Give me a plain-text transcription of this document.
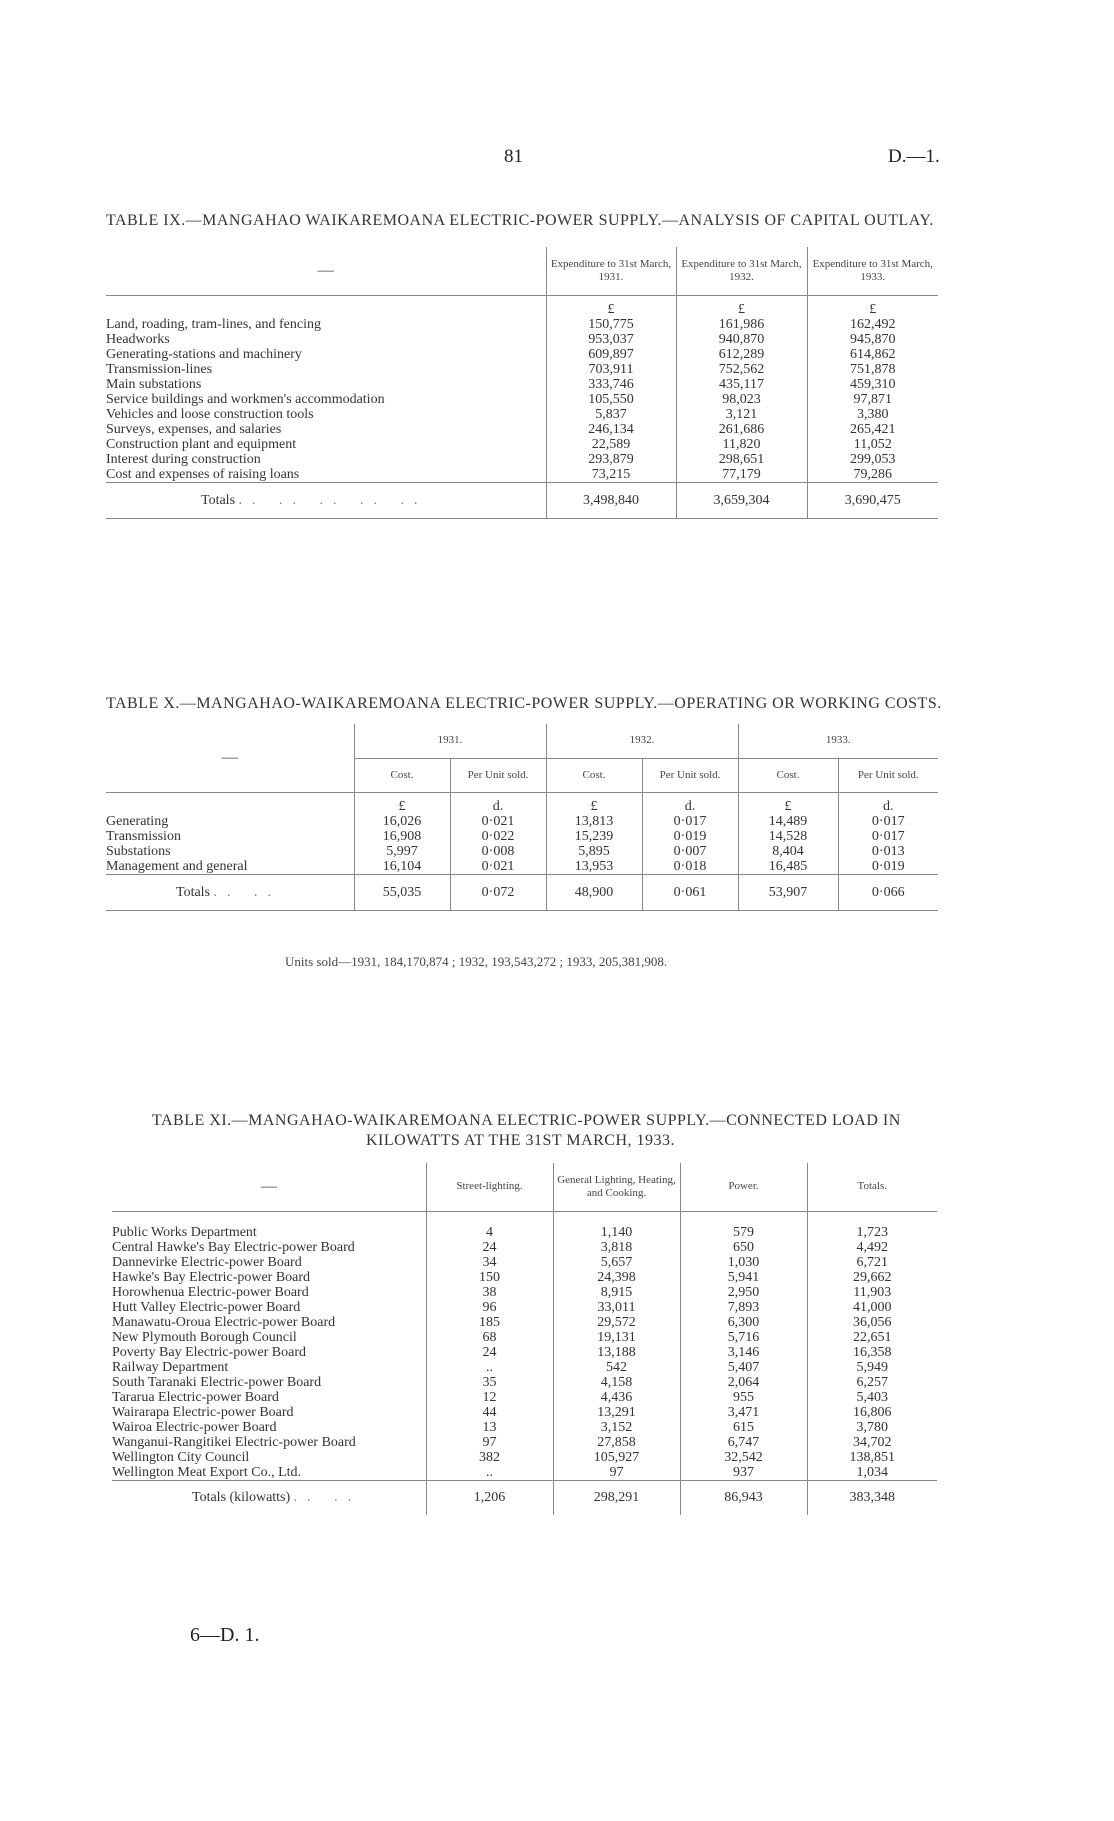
81	D.—1.
TABLE IX.—MANGAHAO WAIKAREMOANA ELECTRIC-POWER SUPPLY.—ANALYSIS OF CAPITAL OUTLAY.
—	Expenditure to 31st March, 1931.	Expenditure to 31st March, 1932.	Expenditure to 31st March, 1933.
	£	£	£
Land, roading, tram-lines, and fencing	150,775	161,986	162,492
Headworks	953,037	940,870	945,870
Generating-stations and machinery	609,897	612,289	614,862
Transmission-lines	703,911	752,562	751,878
Main substations	333,746	435,117	459,310
Service buildings and workmen's accommodation	105,550	98,023	97,871
Vehicles and loose construction tools	5,837	3,121	3,380
Surveys, expenses, and salaries	246,134	261,686	265,421
Construction plant and equipment	22,589	11,820	11,052
Interest during construction	293,879	298,651	299,053
Cost and expenses of raising loans	73,215	77,179	79,286
Totals .. .. .. .. ..	3,498,840	3,659,304	3,690,475
TABLE X.—MANGAHAO-WAIKAREMOANA ELECTRIC-POWER SUPPLY.—OPERATING OR WORKING COSTS.
—	1931.		1932.		1933.	
	Cost.	Per Unit sold.	Cost.	Per Unit sold.	Cost.	Per Unit sold.
	£	d.	£	d.	£	d.
Generating	16,026	0·021	13,813	0·017	14,489	0·017
Transmission	16,908	0·022	15,239	0·019	14,528	0·017
Substations	5,997	0·008	5,895	0·007	8,404	0·013
Management and general	16,104	0·021	13,953	0·018	16,485	0·019
Totals .. ..	55,035	0·072	48,900	0·061	53,907	0·066
Units sold—1931, 184,170,874 ; 1932, 193,543,272 ; 1933, 205,381,908.
TABLE XI.—MANGAHAO-WAIKAREMOANA ELECTRIC-POWER SUPPLY.—CONNECTED LOAD IN
KILOWATTS AT THE 31ST MARCH, 1933.
—	Street-lighting.	General Lighting, Heating, and Cooking.	Power.	Totals.

Public Works Department	4	1,140	579	1,723
Central Hawke's Bay Electric-power Board	24	3,818	650	4,492
Dannevirke Electric-power Board	34	5,657	1,030	6,721
Hawke's Bay Electric-power Board	150	24,398	5,941	29,662
Horowhenua Electric-power Board	38	8,915	2,950	11,903
Hutt Valley Electric-power Board	96	33,011	7,893	41,000
Manawatu-Oroua Electric-power Board	185	29,572	6,300	36,056
New Plymouth Borough Council	68	19,131	5,716	22,651
Poverty Bay Electric-power Board	24	13,188	3,146	16,358
Railway Department	..	542	5,407	5,949
South Taranaki Electric-power Board	35	4,158	2,064	6,257
Tararua Electric-power Board	12	4,436	955	5,403
Wairarapa Electric-power Board	44	13,291	3,471	16,806
Wairoa Electric-power Board	13	3,152	615	3,780
Wanganui-Rangitikei Electric-power Board	97	27,858	6,747	34,702
Wellington City Council	382	105,927	32,542	138,851
Wellington Meat Export Co., Ltd.	..	97	937	1,034
Totals (kilowatts) .. ..	1,206	298,291	86,943	383,348
6—D. 1.
